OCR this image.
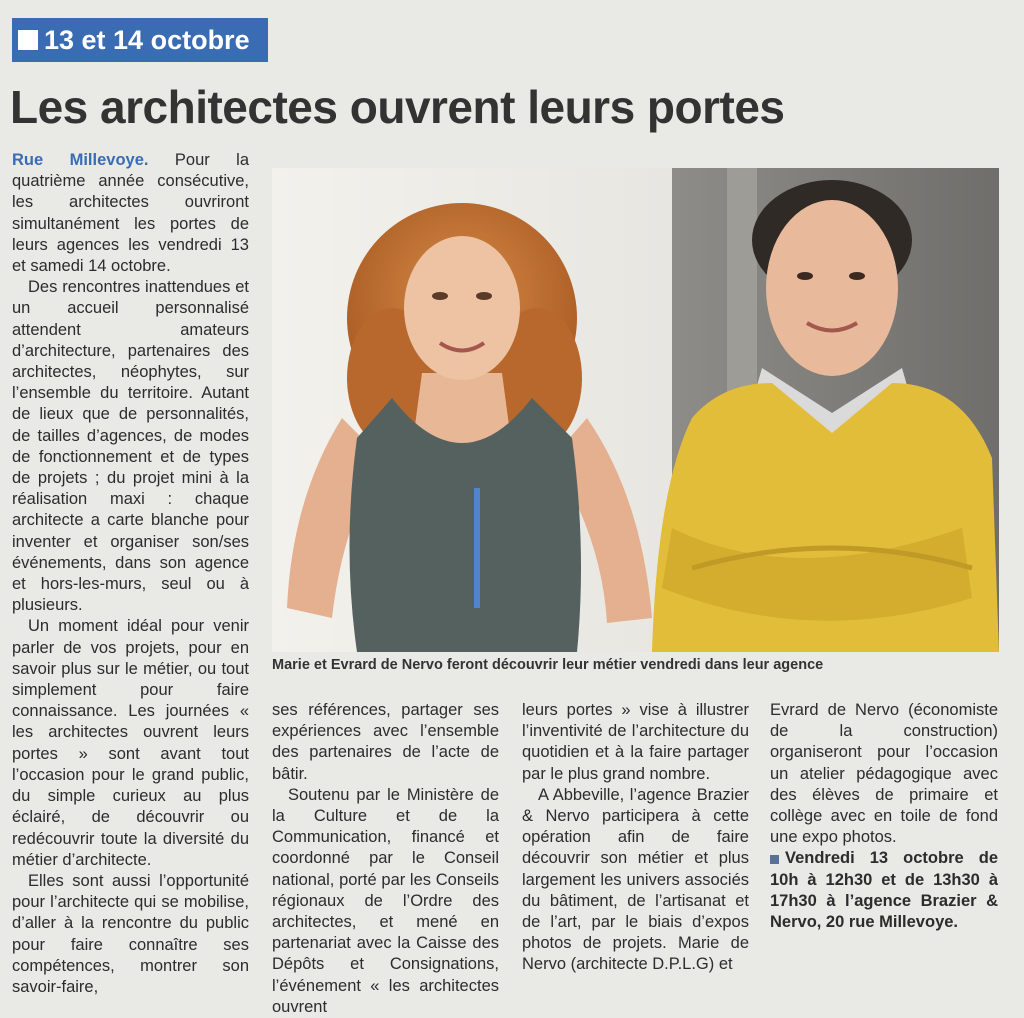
13 et 14 octobre
Les architectes ouvrent leurs portes

Rue Millevoye. Pour la quatrième année consécutive, les architectes ouvriront simultanément les portes de leurs agences les vendredi 13 et samedi 14 octobre.

Des rencontres inattendues et un accueil personnalisé attendent amateurs d’architecture, partenaires des architectes, néophytes, sur l’ensemble du territoire. Autant de lieux que de personnalités, de tailles d’agences, de modes de fonctionnement et de types de projets ; du projet mini à la réalisation maxi : chaque architecte a carte blanche pour inventer et organiser son/ses événements, dans son agence et hors-les-murs, seul ou à plusieurs.

Un moment idéal pour venir parler de vos projets, pour en savoir plus sur le métier, ou tout simplement pour faire connaissance. Les journées « les architectes ouvrent leurs portes » sont avant tout l’occasion pour le grand public, du simple curieux au plus éclairé, de découvrir ou redécouvrir toute la diversité du métier d’architecte.

Elles sont aussi l’opportunité pour l’architecte qui se mobilise, d’aller à la rencontre du public pour faire connaître ses compétences, montrer son savoir-faire,

Marie et Evrard de Nervo feront découvrir leur métier vendredi dans leur agence

ses références, partager ses expériences avec l’ensemble des partenaires de l’acte de bâtir.

Soutenu par le Ministère de la Culture et de la Communication, financé et coordonné par le Conseil national, porté par les Conseils régionaux de l’Ordre des architectes, et mené en partenariat avec la Caisse des Dépôts et Consignations, l’événement « les architectes ouvrent

leurs portes » vise à illustrer l’inventivité de l’architecture du quotidien et à la faire partager par le plus grand nombre.

A Abbeville, l’agence Brazier & Nervo participera à cette opération afin de faire découvrir son métier et plus largement les univers associés du bâtiment, de l’artisanat et de l’art, par le biais d’expos photos de projets. Marie de Nervo (architecte D.P.L.G) et

Evrard de Nervo (économiste de la construction) organiseront pour l’occasion un atelier pédagogique avec des élèves de primaire et collège avec en toile de fond une expo photos.

Vendredi 13 octobre de 10h à 12h30 et de 13h30 à 17h30 à l’agence Brazier & Nervo, 20 rue Millevoye.
